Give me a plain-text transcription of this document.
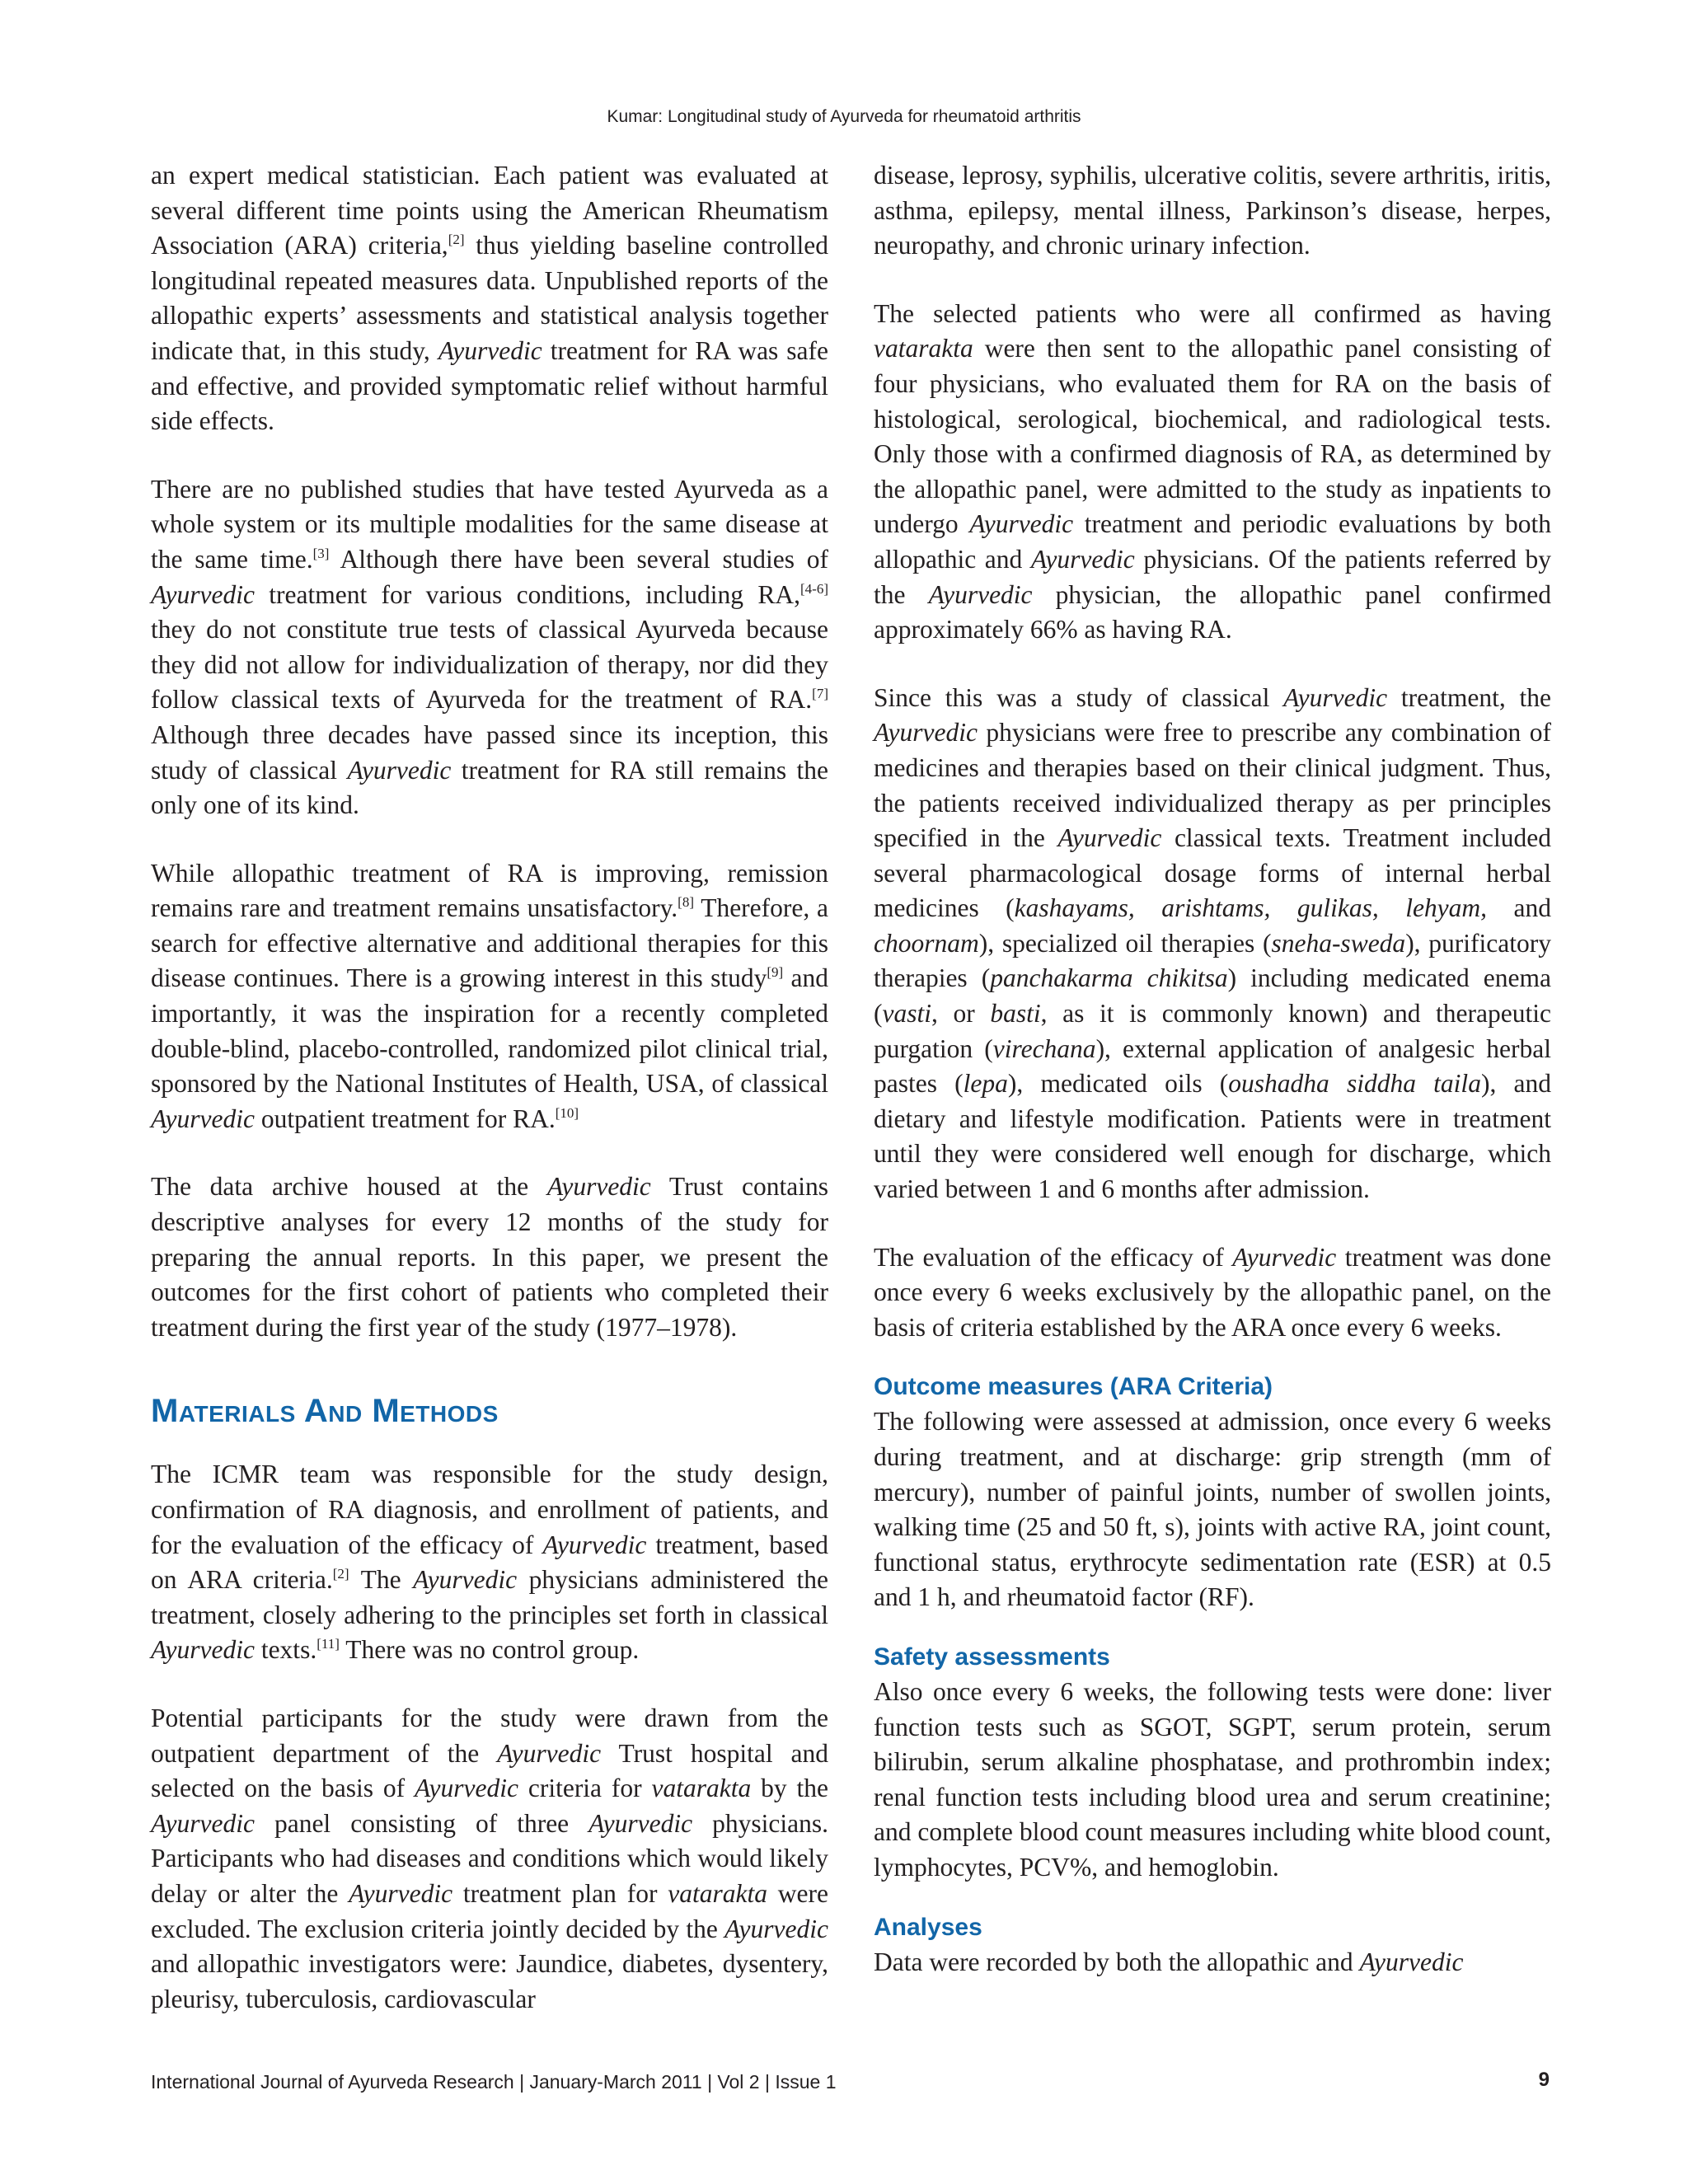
Kumar: Longitudinal study of Ayurveda for rheumatoid arthritis

an expert medical statistician. Each patient was evaluated at several different time points using the American Rheumatism Association (ARA) criteria,[2] thus yielding baseline controlled longitudinal repeated measures data. Unpublished reports of the allopathic experts’ assessments and statistical analysis together indicate that, in this study, Ayurvedic treatment for RA was safe and effective, and provided symptomatic relief without harmful side effects.

There are no published studies that have tested Ayurveda as a whole system or its multiple modalities for the same disease at the same time.[3] Although there have been several studies of Ayurvedic treatment for various conditions, including RA,[4-6] they do not constitute true tests of classical Ayurveda because they did not allow for individualization of therapy, nor did they follow classical texts of Ayurveda for the treatment of RA.[7] Although three decades have passed since its inception, this study of classical Ayurvedic treatment for RA still remains the only one of its kind.

While allopathic treatment of RA is improving, remission remains rare and treatment remains unsatisfactory.[8] Therefore, a search for effective alternative and additional therapies for this disease continues. There is a growing interest in this study[9] and importantly, it was the inspiration for a recently completed double-blind, placebo-controlled, randomized pilot clinical trial, sponsored by the National Institutes of Health, USA, of classical Ayurvedic outpatient treatment for RA.[10]

The data archive housed at the Ayurvedic Trust contains descriptive analyses for every 12 months of the study for preparing the annual reports. In this paper, we present the outcomes for the first cohort of patients who completed their treatment during the first year of the study (1977–1978).

Materials And Methods

The ICMR team was responsible for the study design, confirmation of RA diagnosis, and enrollment of patients, and for the evaluation of the efficacy of Ayurvedic treatment, based on ARA criteria.[2] The Ayurvedic physicians administered the treatment, closely adhering to the principles set forth in classical Ayurvedic texts.[11] There was no control group.

Potential participants for the study were drawn from the outpatient department of the Ayurvedic Trust hospital and selected on the basis of Ayurvedic criteria for vatarakta by the Ayurvedic panel consisting of three Ayurvedic physicians. Participants who had diseases and conditions which would likely delay or alter the Ayurvedic treatment plan for vatarakta were excluded. The exclusion criteria jointly decided by the Ayurvedic and allopathic investigators were: Jaundice, diabetes, dysentery, pleurisy, tuberculosis, cardiovascular

disease, leprosy, syphilis, ulcerative colitis, severe arthritis, iritis, asthma, epilepsy, mental illness, Parkinson’s disease, herpes, neuropathy, and chronic urinary infection.

The selected patients who were all confirmed as having vatarakta were then sent to the allopathic panel consisting of four physicians, who evaluated them for RA on the basis of histological, serological, biochemical, and radiological tests. Only those with a confirmed diagnosis of RA, as determined by the allopathic panel, were admitted to the study as inpatients to undergo Ayurvedic treatment and periodic evaluations by both allopathic and Ayurvedic physicians. Of the patients referred by the Ayurvedic physician, the allopathic panel confirmed approximately 66% as having RA.

Since this was a study of classical Ayurvedic treatment, the Ayurvedic physicians were free to prescribe any combination of medicines and therapies based on their clinical judgment. Thus, the patients received individualized therapy as per principles specified in the Ayurvedic classical texts. Treatment included several pharmacological dosage forms of internal herbal medicines (kashayams, arishtams, gulikas, lehyam, and choornam), specialized oil therapies (sneha-sweda), purificatory therapies (panchakarma chikitsa) including medicated enema (vasti, or basti, as it is commonly known) and therapeutic purgation (virechana), external application of analgesic herbal pastes (lepa), medicated oils (oushadha siddha taila), and dietary and lifestyle modification. Patients were in treatment until they were considered well enough for discharge, which varied between 1 and 6 months after admission.

The evaluation of the efficacy of Ayurvedic treatment was done once every 6 weeks exclusively by the allopathic panel, on the basis of criteria established by the ARA once every 6 weeks.

Outcome measures (ARA Criteria)

The following were assessed at admission, once every 6 weeks during treatment, and at discharge: grip strength (mm of mercury), number of painful joints, number of swollen joints, walking time (25 and 50 ft, s), joints with active RA, joint count, functional status, erythrocyte sedimentation rate (ESR) at 0.5 and 1 h, and rheumatoid factor (RF).

Safety assessments

Also once every 6 weeks, the following tests were done: liver function tests such as SGOT, SGPT, serum protein, serum bilirubin, serum alkaline phosphatase, and prothrombin index; renal function tests including blood urea and serum creatinine; and complete blood count measures including white blood count, lymphocytes, PCV%, and hemoglobin.

Analyses

Data were recorded by both the allopathic and Ayurvedic

International Journal of Ayurveda Research | January-March 2011 | Vol 2 | Issue 1	9
